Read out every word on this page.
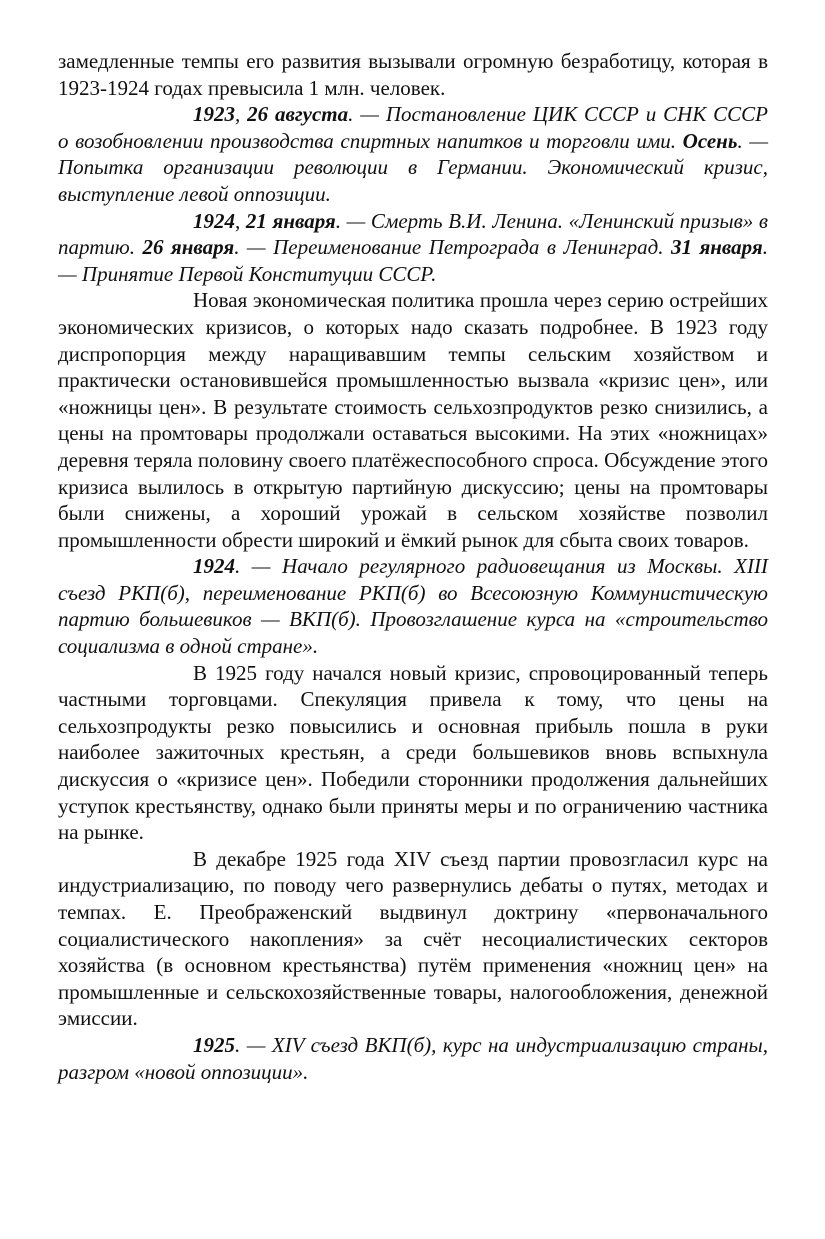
замедленные темпы его развития вызывали огромную безработицу, которая в 1923-1924 годах превысила 1 млн. человек.

1923, 26 августа. — Постановление ЦИК СССР и СНК СССР о возобновлении производства спиртных напитков и торговли ими. Осень. — Попытка организации революции в Германии. Экономический кризис, выступление левой оппозиции.

1924, 21 января. — Смерть В.И. Ленина. «Ленинский призыв» в партию. 26 января. — Переименование Петрограда в Ленинград. 31 января. — Принятие Первой Конституции СССР.

Новая экономическая политика прошла через серию острейших экономических кризисов, о которых надо сказать подробнее. В 1923 году диспропорция между наращивавшим темпы сельским хозяйством и практически остановившейся промышленностью вызвала «кризис цен», или «ножницы цен». В результате стоимость сельхозпродуктов резко снизились, а цены на промтовары продолжали оставаться высокими. На этих «ножницах» деревня теряла половину своего платёжеспособного спроса. Обсуждение этого кризиса вылилось в открытую партийную дискуссию; цены на промтовары были снижены, а хороший урожай в сельском хозяйстве позволил промышленности обрести широкий и ёмкий рынок для сбыта своих товаров.

1924. — Начало регулярного радиовещания из Москвы. XIII съезд РКП(б), переименование РКП(б) во Всесоюзную Коммунистическую партию большевиков — ВКП(б). Провозглашение курса на «строительство социализма в одной стране».

В 1925 году начался новый кризис, спровоцированный теперь частными торговцами. Спекуляция привела к тому, что цены на сельхозпродукты резко повысились и основная прибыль пошла в руки наиболее зажиточных крестьян, а среди большевиков вновь вспыхнула дискуссия о «кризисе цен». Победили сторонники продолжения дальнейших уступок крестьянству, однако были приняты меры и по ограничению частника на рынке.

В декабре 1925 года XIV съезд партии провозгласил курс на индустриализацию, по поводу чего развернулись дебаты о путях, методах и темпах. Е. Преображенский выдвинул доктрину «первоначального социалистического накопления» за счёт несоциалистических секторов хозяйства (в основном крестьянства) путём применения «ножниц цен» на промышленные и сельскохозяйственные товары, налогообложения, денежной эмиссии.

1925. — XIV съезд ВКП(б), курс на индустриализацию страны, разгром «новой оппозиции».
